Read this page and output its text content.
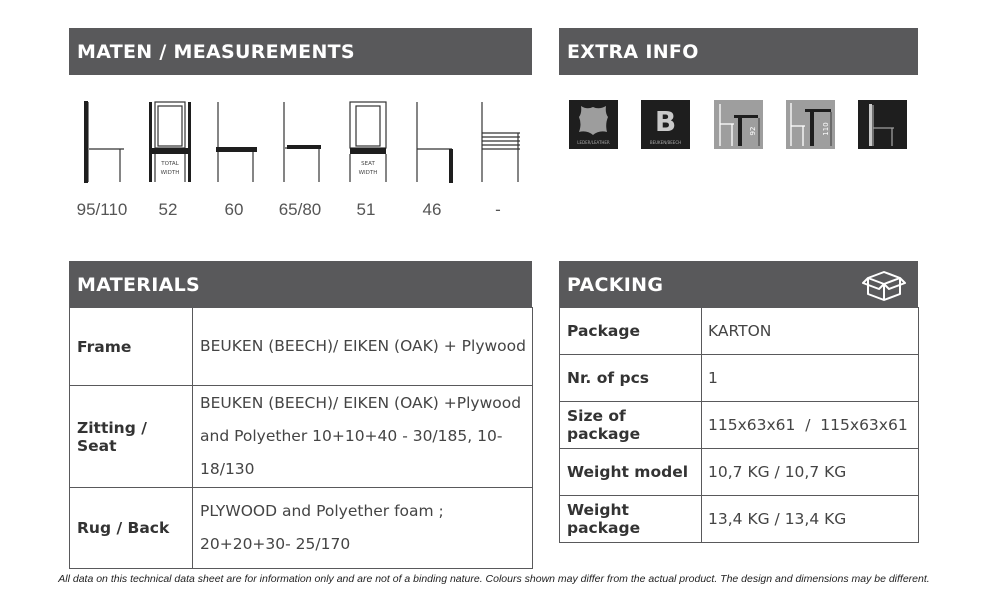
MATEN / MEASUREMENTS	EXTRA INFO
MATERIALS	PACKING
TOTAL
WIDTH
SEAT
WIDTH
95/110	52	60	65/80	51	46	-
LEDER/LEATHER
B
BEUKEN/BEECH
92	110
Frame	BEUKEN (BEECH)/ EIKEN (OAK) + Plywood

Zitting / Seat	BEUKEN (BEECH)/ EIKEN (OAK) +Plywood
and Polyether 10+10+40 - 30/185, 10-18/130

Rug / Back	PLYWOOD and Polyether foam ;
20+20+30- 25/170
Package	KARTON
Nr. of pcs	1
Size of package	115x63x61  /  115x63x61
Weight model	10,7 KG / 10,7 KG
Weight package	13,4 KG / 13,4 KG
All data on this technical data sheet are for information only and are not of a binding nature. Colours shown may differ from the actual product. The design and dimensions may be different.
